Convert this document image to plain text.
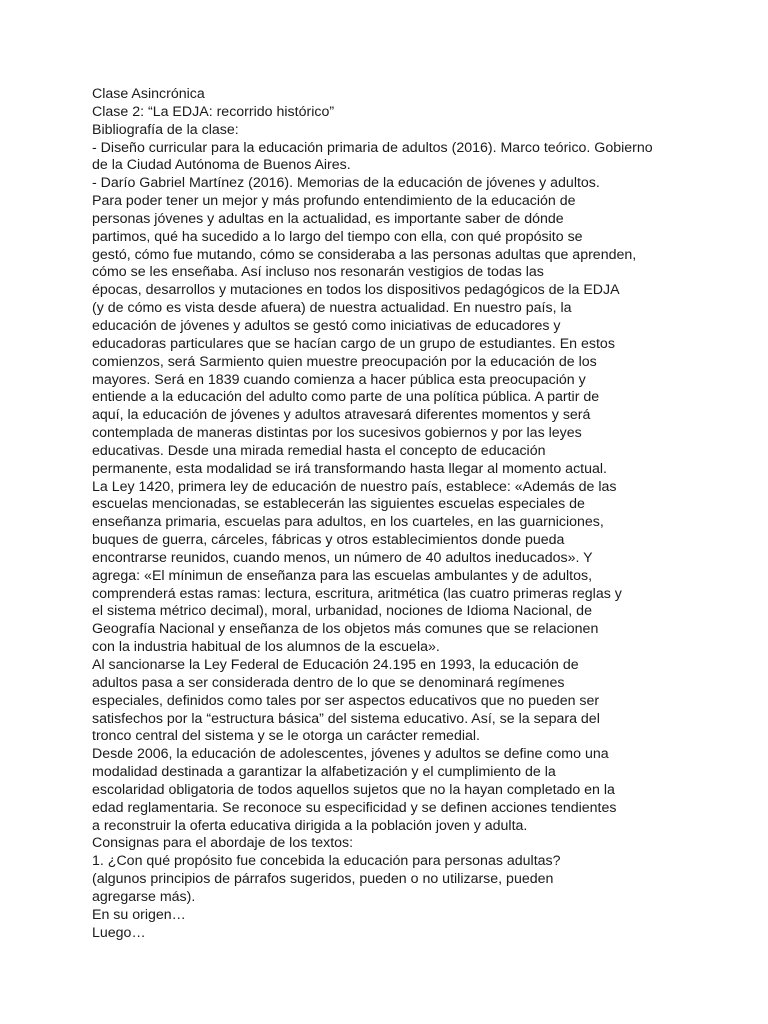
Clase Asincrónica
Clase 2: “La EDJA: recorrido histórico”
Bibliografía de la clase:
- Diseño curricular para la educación primaria de adultos (2016). Marco teórico. Gobierno
de la Ciudad Autónoma de Buenos Aires.
- Darío Gabriel Martínez (2016). Memorias de la educación de jóvenes y adultos.
Para poder tener un mejor y más profundo entendimiento de la educación de
personas jóvenes y adultas en la actualidad, es importante saber de dónde
partimos, qué ha sucedido a lo largo del tiempo con ella, con qué propósito se
gestó, cómo fue mutando, cómo se consideraba a las personas adultas que aprenden,
cómo se les enseñaba. Así incluso nos resonarán vestigios de todas las
épocas, desarrollos y mutaciones en todos los dispositivos pedagógicos de la EDJA
(y de cómo es vista desde afuera) de nuestra actualidad. En nuestro país, la
educación de jóvenes y adultos se gestó como iniciativas de educadores y
educadoras particulares que se hacían cargo de un grupo de estudiantes. En estos
comienzos, será Sarmiento quien muestre preocupación por la educación de los
mayores. Será en 1839 cuando comienza a hacer pública esta preocupación y
entiende a la educación del adulto como parte de una política pública. A partir de
aquí, la educación de jóvenes y adultos atravesará diferentes momentos y será
contemplada de maneras distintas por los sucesivos gobiernos y por las leyes
educativas. Desde una mirada remedial hasta el concepto de educación
permanente, esta modalidad se irá transformando hasta llegar al momento actual.
La Ley 1420, primera ley de educación de nuestro país, establece: «Además de las
escuelas mencionadas, se establecerán las siguientes escuelas especiales de
enseñanza primaria, escuelas para adultos, en los cuarteles, en las guarniciones,
buques de guerra, cárceles, fábricas y otros establecimientos donde pueda
encontrarse reunidos, cuando menos, un número de 40 adultos ineducados». Y
agrega: «El mínimun de enseñanza para las escuelas ambulantes y de adultos,
comprenderá estas ramas: lectura, escritura, aritmética (las cuatro primeras reglas y
el sistema métrico decimal), moral, urbanidad, nociones de Idioma Nacional, de
Geografía Nacional y enseñanza de los objetos más comunes que se relacionen
con la industria habitual de los alumnos de la escuela».
Al sancionarse la Ley Federal de Educación 24.195 en 1993, la educación de
adultos pasa a ser considerada dentro de lo que se denominará regímenes
especiales, definidos como tales por ser aspectos educativos que no pueden ser
satisfechos por la “estructura básica” del sistema educativo. Así, se la separa del
tronco central del sistema y se le otorga un carácter remedial.
Desde 2006, la educación de adolescentes, jóvenes y adultos se define como una
modalidad destinada a garantizar la alfabetización y el cumplimiento de la
escolaridad obligatoria de todos aquellos sujetos que no la hayan completado en la
edad reglamentaria. Se reconoce su especificidad y se definen acciones tendientes
a reconstruir la oferta educativa dirigida a la población joven y adulta.
Consignas para el abordaje de los textos:
1. ¿Con qué propósito fue concebida la educación para personas adultas?
(algunos principios de párrafos sugeridos, pueden o no utilizarse, pueden
agregarse más).
En su origen…
Luego…
